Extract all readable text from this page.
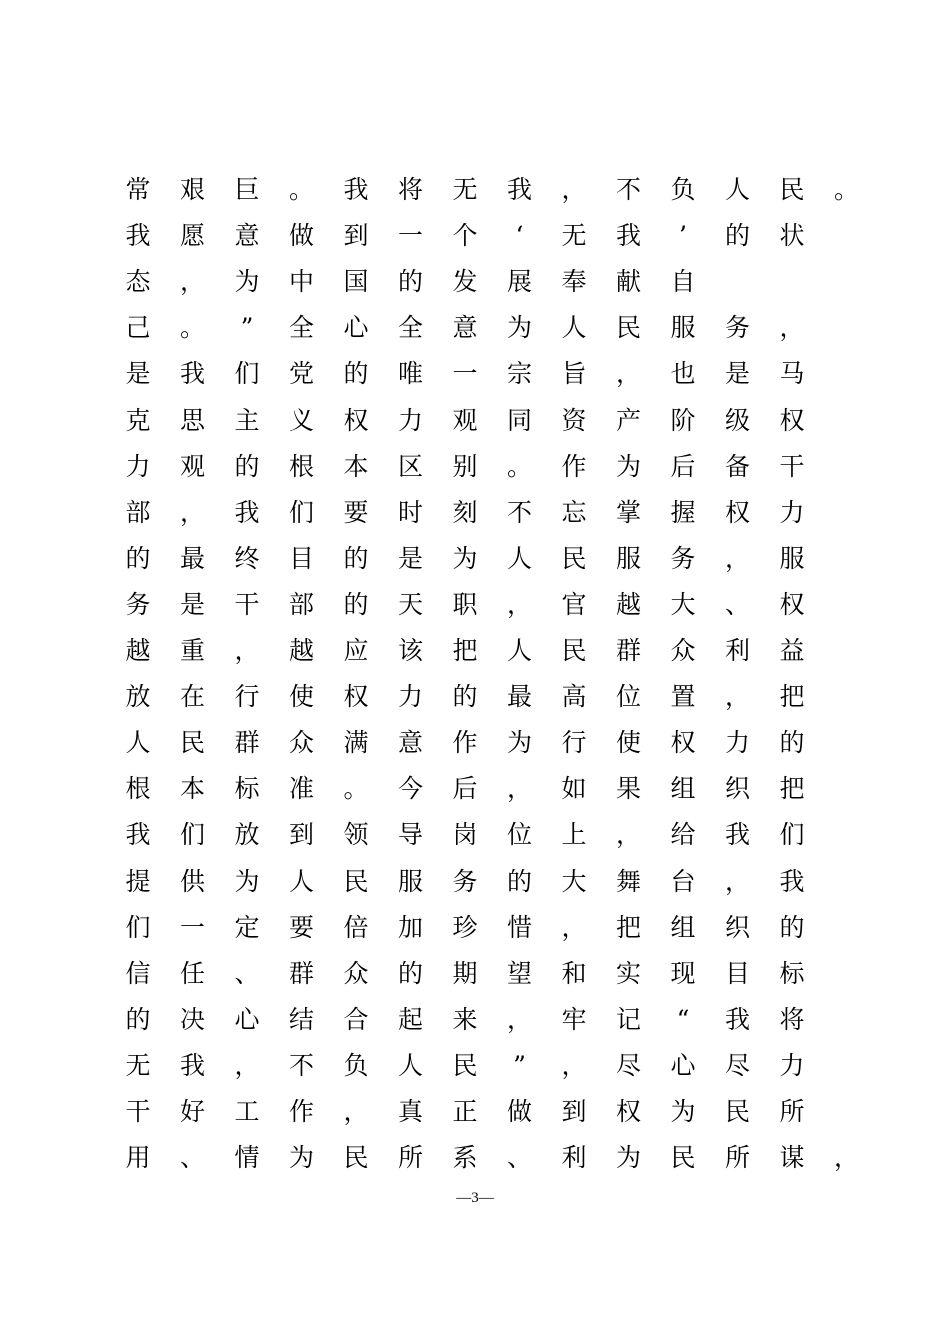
常 艰 巨 。 我 将 无 我 ， 不 负 人 民 。
我 愿 意 做 到 一 个	‘	无 我	’	的 状
态 ， 为 中 国 的 发 展 奉 献 自
己 。	”	全 心 全 意 为 人 民 服 务 ，
是 我 们 党 的 唯 一 宗 旨 ， 也 是 马
克 思 主 义 权 力 观 同 资 产 阶 级 权
力 观 的 根 本 区 别 。 作 为 后 备 干
部 ， 我 们 要 时 刻 不 忘 掌 握 权 力
的 最 终 目 的 是 为 人 民 服 务 ， 服
务 是 干 部 的 天 职 ， 官 越 大 、 权
越 重 ， 越 应 该 把 人 民 群 众 利 益
放 在 行 使 权 力 的 最 高 位 置 ， 把
人 民 群 众 满 意 作 为 行 使 权 力 的
根 本 标 准 。 今 后 ， 如 果 组 织 把
我 们 放 到 领 导 岗 位 上 ， 给 我 们
提 供 为 人 民 服 务 的 大 舞 台 ， 我
们 一 定 要 倍 加 珍 惜 ， 把 组 织 的
信 任 、 群 众 的 期 望 和 实 现 目 标
的 决 心 结 合 起 来 ， 牢 记	“	我 将
无 我 ， 不 负 人 民	”	， 尽 心 尽 力
干 好 工 作 ， 真 正 做 到 权 为 民 所
用 、 情 为 民 所 系 、 利 为 民 所 谋 ，
—3—
